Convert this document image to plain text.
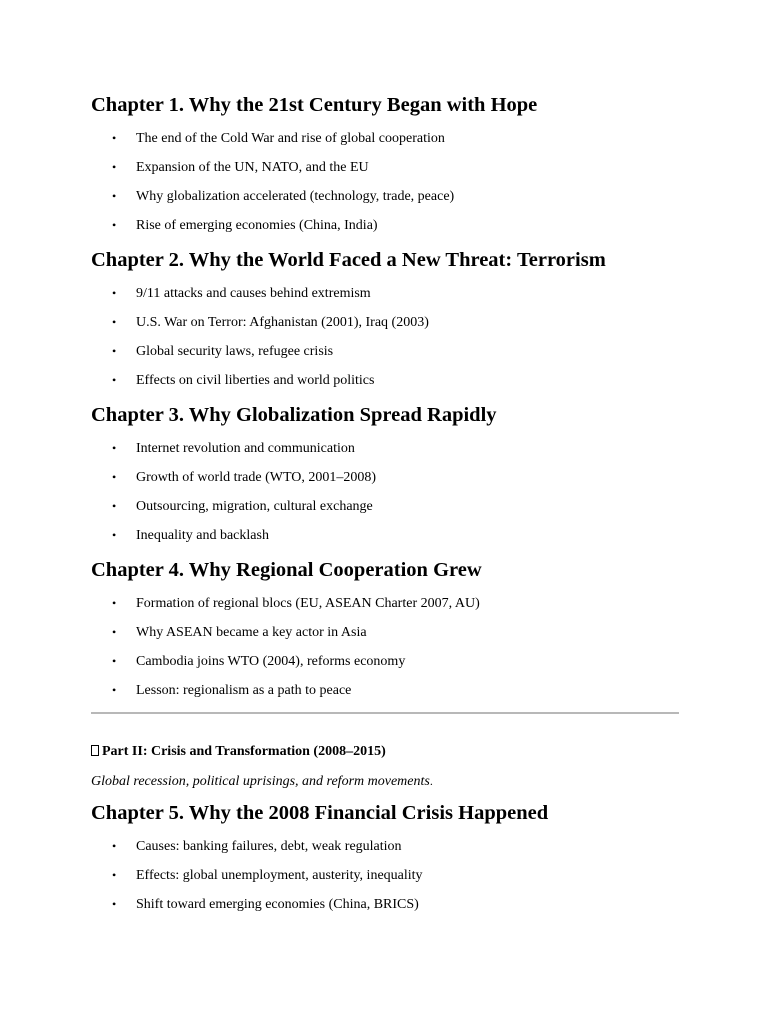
Chapter 1. Why the 21st Century Began with Hope
• The end of the Cold War and rise of global cooperation
• Expansion of the UN, NATO, and the EU
• Why globalization accelerated (technology, trade, peace)
• Rise of emerging economies (China, India)
Chapter 2. Why the World Faced a New Threat: Terrorism
• 9/11 attacks and causes behind extremism
• U.S. War on Terror: Afghanistan (2001), Iraq (2003)
• Global security laws, refugee crisis
• Effects on civil liberties and world politics
Chapter 3. Why Globalization Spread Rapidly
• Internet revolution and communication
• Growth of world trade (WTO, 2001–2008)
• Outsourcing, migration, cultural exchange
• Inequality and backlash
Chapter 4. Why Regional Cooperation Grew
• Formation of regional blocs (EU, ASEAN Charter 2007, AU)
• Why ASEAN became a key actor in Asia
• Cambodia joins WTO (2004), reforms economy
• Lesson: regionalism as a path to peace
Part II: Crisis and Transformation (2008–2015)
Global recession, political uprisings, and reform movements.
Chapter 5. Why the 2008 Financial Crisis Happened
• Causes: banking failures, debt, weak regulation
• Effects: global unemployment, austerity, inequality
• Shift toward emerging economies (China, BRICS)
